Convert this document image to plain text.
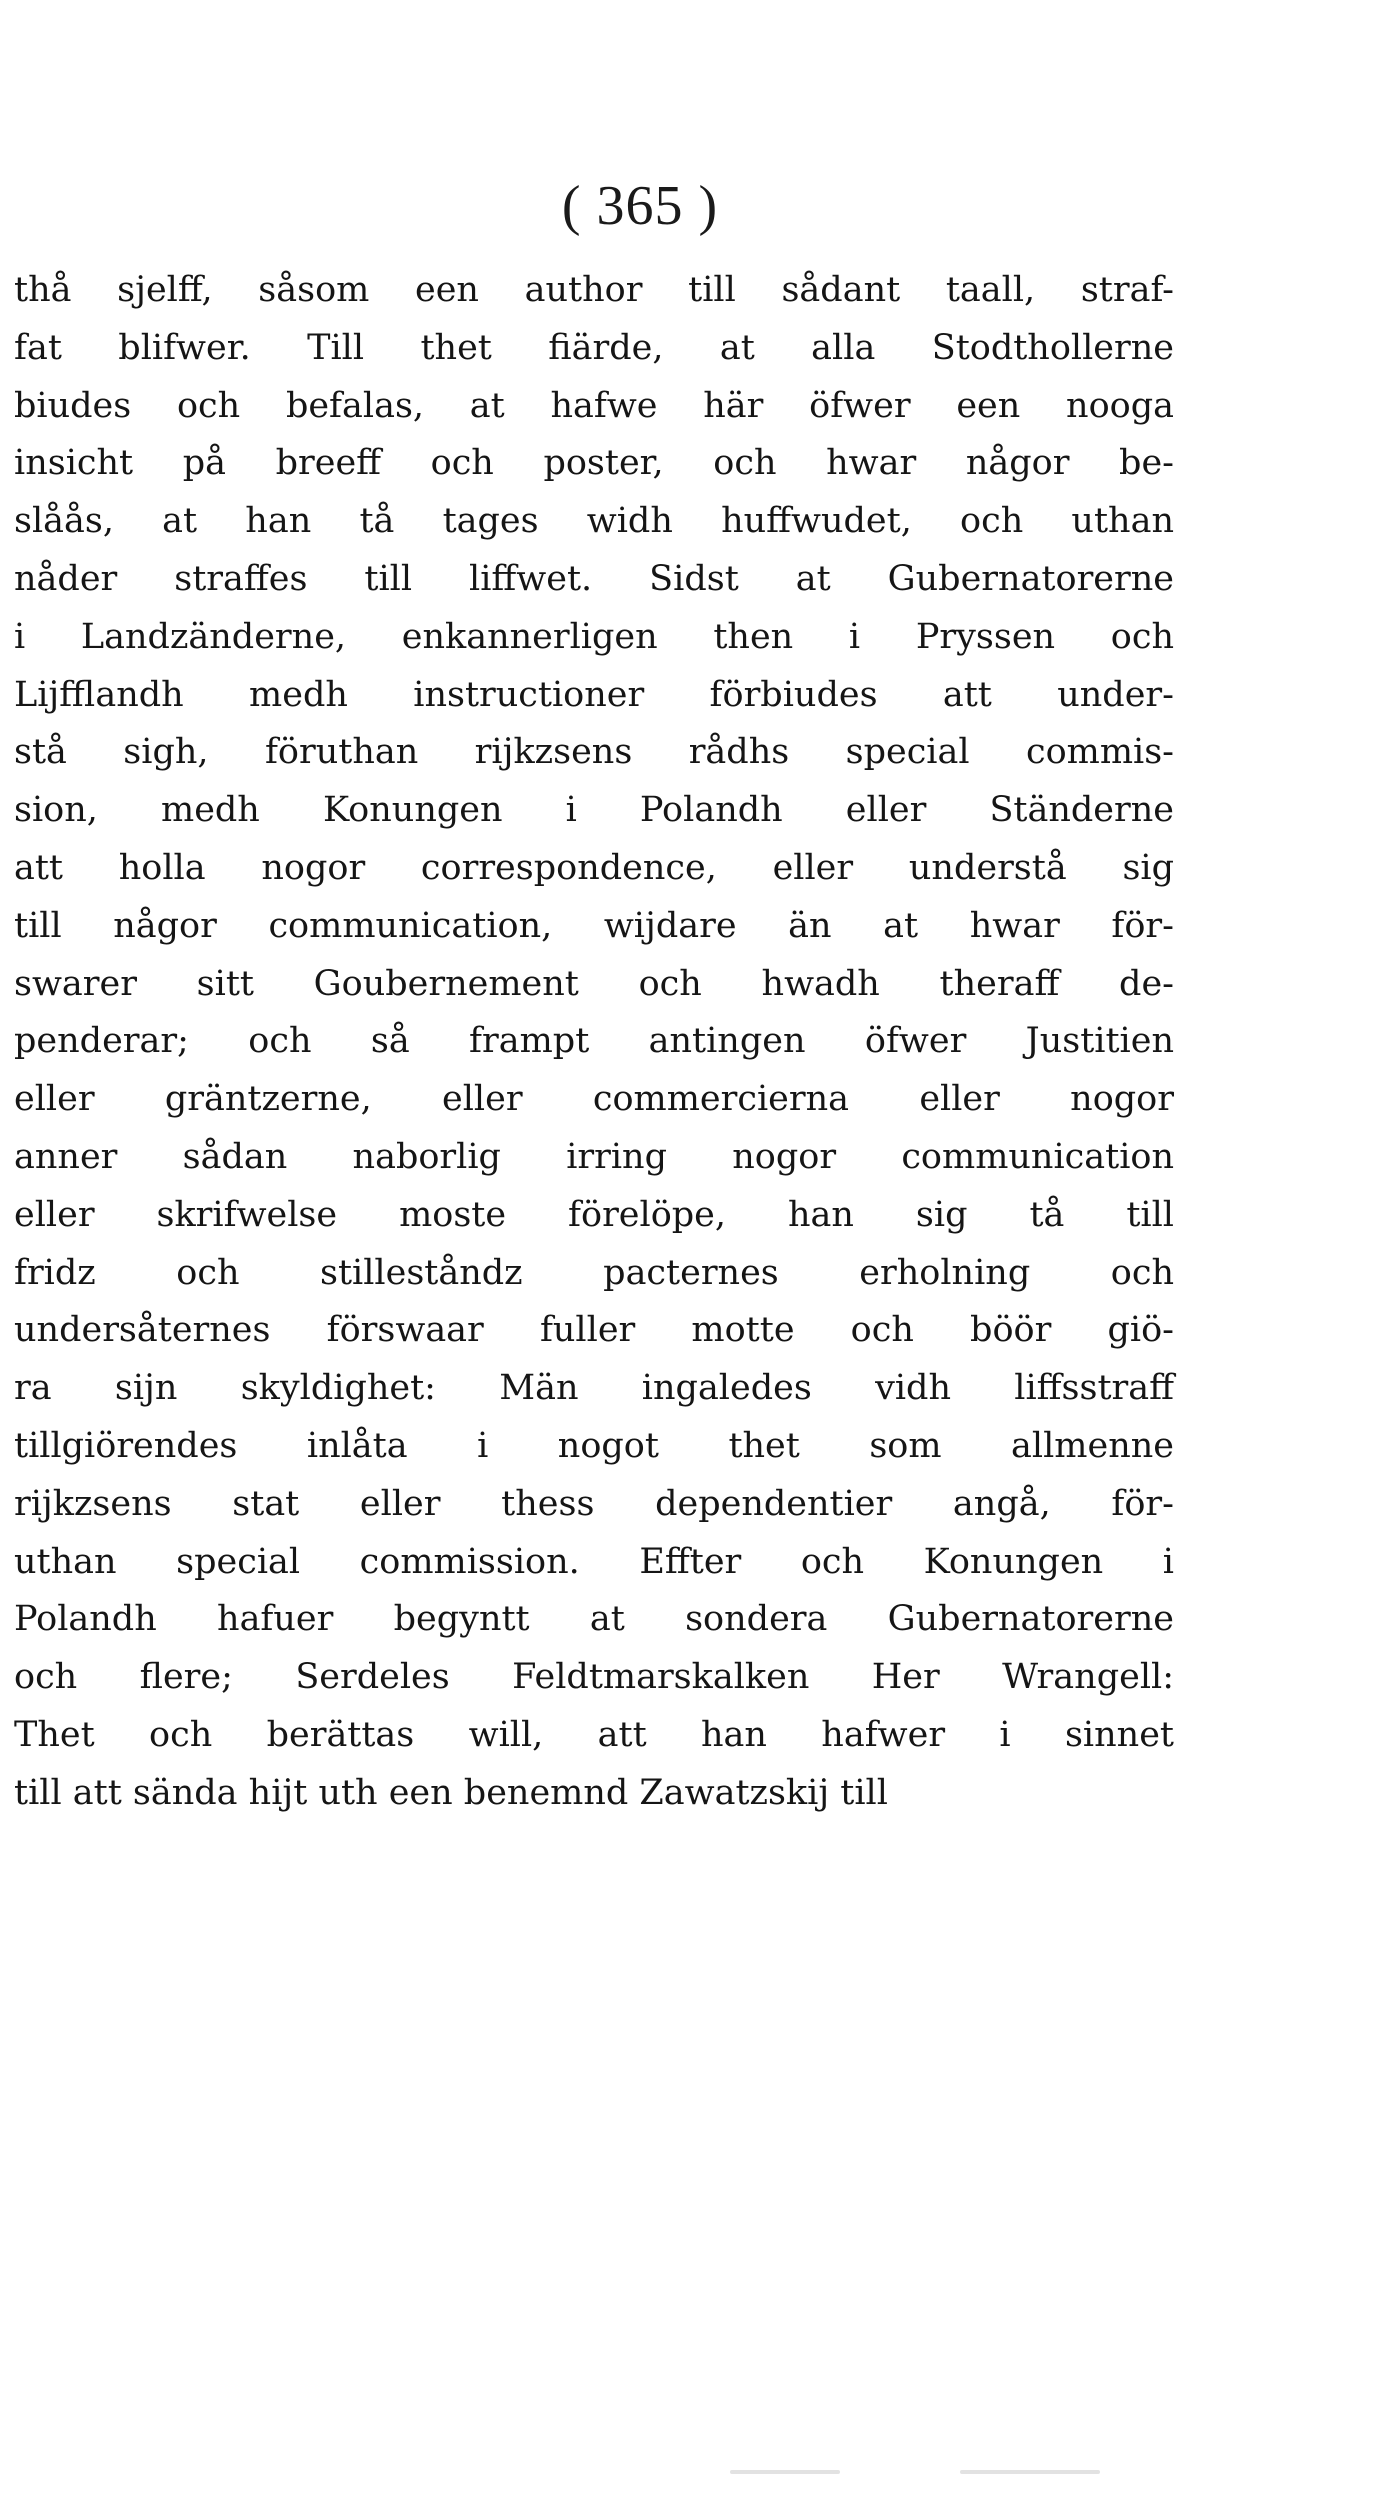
( 365 )
thå sjelff, såsom een author till sådant taall, straf-
fat blifwer. Till thet fiärde, at alla Stodthollerne
biudes och befalas, at hafwe här öfwer een nooga
insicht på breeff och poster, och hwar någor be-
slåås, at han tå tages widh huffwudet, och uthan
nåder straffes till liffwet. Sidst at Gubernatorerne
i Landzänderne, enkannerligen then i Pryssen och
Lijfflandh medh instructioner förbiudes att under-
stå sigh, föruthan rijkzsens rådhs special commis-
sion, medh Konungen i Polandh eller Ständerne
att holla nogor correspondence, eller understå sig
till någor communication, wijdare än at hwar för-
swarer sitt Goubernement och hwadh theraff de-
penderar; och så frampt antingen öfwer Justitien
eller gräntzerne, eller commercierna eller nogor
anner sådan naborlig irring nogor communication
eller skrifwelse moste förelöpe, han sig tå till
fridz och stilleståndz pacternes erholning och
undersåternes förswaar fuller motte och böör giö-
ra sijn skyldighet: Män ingaledes vidh liffsstraff
tillgiörendes inlåta i nogot thet som allmenne
rijkzsens stat eller thess dependentier angå, för-
uthan special commission. Effter och Konungen i
Polandh hafuer begyntt at sondera Gubernatorerne
och flere; Serdeles Feldtmarskalken Her Wrangell:
Thet och berättas will, att han hafwer i sinnet
till att sända hijt uth een benemnd Zawatzskij till
